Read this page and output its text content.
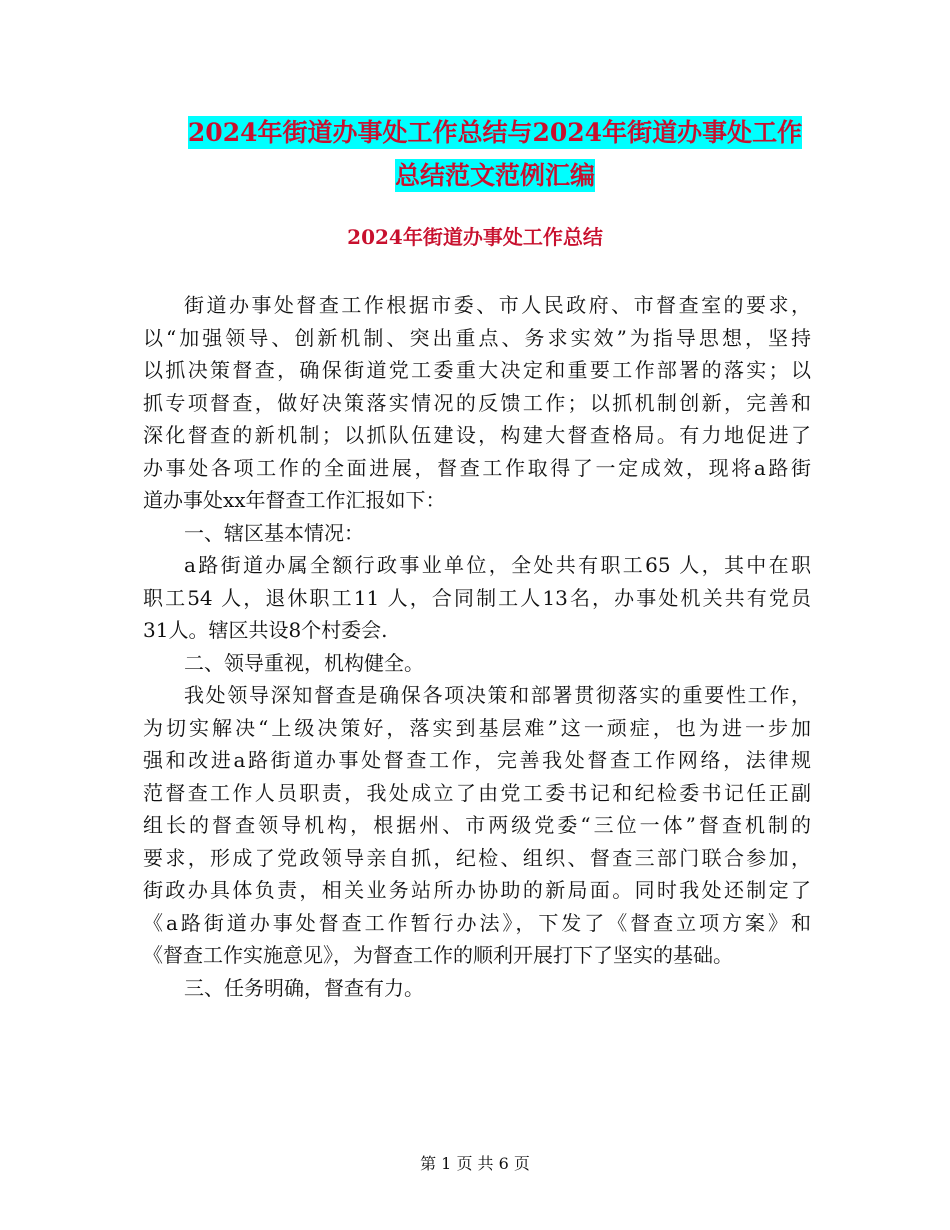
2024年街道办事处工作总结与2024年街道办事处工作
总结范文范例汇编
2024年街道办事处工作总结
街道办事处督查工作根据市委、市人民政府、市督查室的要求，
以“加强领导、创新机制、突出重点、务求实效”为指导思想，坚持
以抓决策督查，确保街道党工委重大决定和重要工作部署的落实；以
抓专项督查，做好决策落实情况的反馈工作；以抓机制创新，完善和
深化督查的新机制；以抓队伍建设，构建大督查格局。有力地促进了
办事处各项工作的全面进展，督查工作取得了一定成效，现将a路街
道办事处xx年督查工作汇报如下：
一、辖区基本情况：
a路街道办属全额行政事业单位，全处共有职工65 人，其中在职
职工54 人，退休职工11 人，合同制工人13名，办事处机关共有党员
31人。辖区共设8个村委会.
二、领导重视，机构健全。
我处领导深知督查是确保各项决策和部署贯彻落实的重要性工作，
为切实解决“上级决策好，落实到基层难”这一顽症，也为进一步加
强和改进a路街道办事处督查工作，完善我处督查工作网络，法律规
范督查工作人员职责，我处成立了由党工委书记和纪检委书记任正副
组长的督查领导机构，根据州、市两级党委“三位一体”督查机制的
要求，形成了党政领导亲自抓，纪检、组织、督查三部门联合参加，
街政办具体负责，相关业务站所办协助的新局面。同时我处还制定了
《a路街道办事处督查工作暂行办法》，下发了《督查立项方案》和
《督查工作实施意见》，为督查工作的顺利开展打下了坚实的基础。
三、任务明确，督查有力。
第 1 页 共 6 页
